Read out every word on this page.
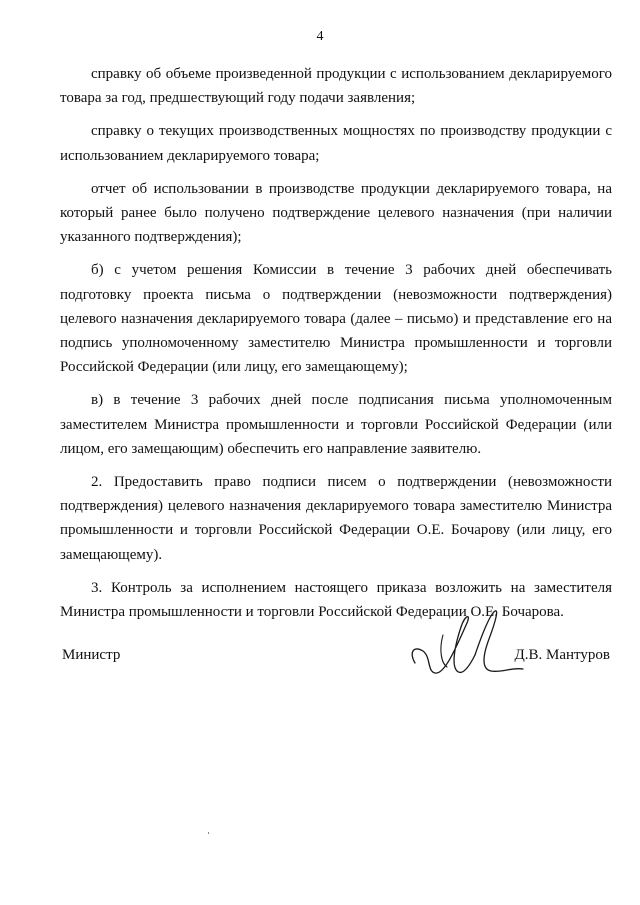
4

справку об объеме произведенной продукции с использованием декларируемого товара за год, предшествующий году подачи заявления;

справку о текущих производственных мощностях по производству продукции с использованием декларируемого товара;

отчет об использовании в производстве продукции декларируемого товара, на который ранее было получено подтверждение целевого назначения (при наличии указанного подтверждения);

б) с учетом решения Комиссии в течение 3 рабочих дней обеспечивать подготовку проекта письма о подтверждении (невозможности подтверждения) целевого назначения декларируемого товара (далее – письмо) и представление его на подпись уполномоченному заместителю Министра промышленности и торговли Российской Федерации (или лицу, его замещающему);

в) в течение 3 рабочих дней после подписания письма уполномоченным заместителем Министра промышленности и торговли Российской Федерации (или лицом, его замещающим) обеспечить его направление заявителю.

2. Предоставить право подписи писем о подтверждении (невозможности подтверждения) целевого назначения декларируемого товара заместителю Министра промышленности и торговли Российской Федерации О.Е. Бочарову (или лицу, его замещающему).

3. Контроль за исполнением настоящего приказа возложить на заместителя Министра промышленности и торговли Российской Федерации О.Е. Бочарова.

Министр	Д.В. Мантуров
